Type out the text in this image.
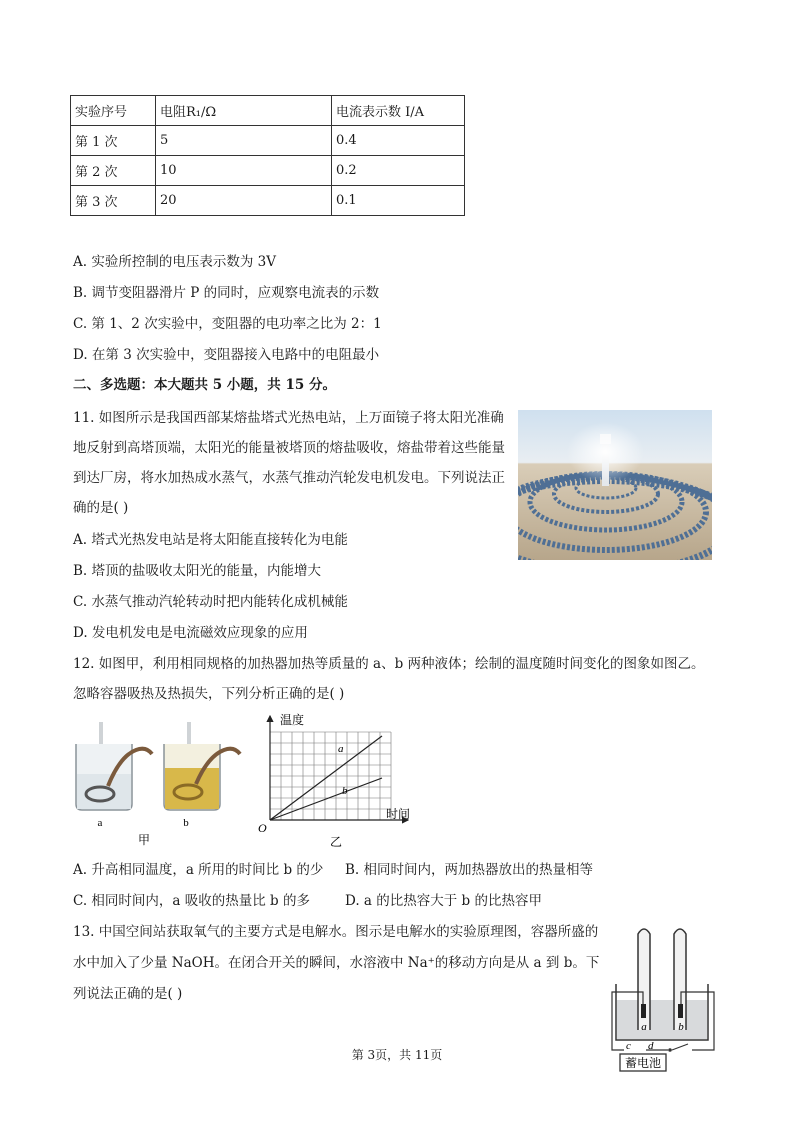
实验序号	电阻R₁/Ω	电流表示数 I/A
第 1 次	5	0.4
第 2 次	10	0.2
第 3 次	20	0.1
A. 实验所控制的电压表示数为 3V
B. 调节变阻器滑片 P 的同时，应观察电流表的示数
C. 第 1、2 次实验中，变阻器的电功率之比为 2：1
D. 在第 3 次实验中，变阻器接入电路中的电阻最小
二、多选题：本大题共 5 小题，共 15 分。
11. 如图所示是我国西部某熔盐塔式光热电站，上万面镜子将太阳光准确
地反射到高塔顶端，太阳光的能量被塔顶的熔盐吸收，熔盐带着这些能量
到达厂房，将水加热成水蒸气，水蒸气推动汽轮发电机发电。下列说法正
确的是( )
A. 塔式光热发电站是将太阳能直接转化为电能
B. 塔顶的盐吸收太阳光的能量，内能增大
C. 水蒸气推动汽轮转动时把内能转化成机械能
D. 发电机发电是电流磁效应现象的应用
12. 如图甲，利用相同规格的加热器加热等质量的 a、b 两种液体；绘制的温度随时间变化的图象如图乙。
忽略容器吸热及热损失，下列分析正确的是( )
a	b
甲
a
b
温度
时间
O
乙
A. 升高相同温度，a 所用的时间比 b 的少 B. 相同时间内，两加热器放出的热量相等
C. 相同时间内，a 吸收的热量比 b 的多	D. a 的比热容大于 b 的比热容甲
13. 中国空间站获取氧气的主要方式是电解水。图示是电解水的实验原理图，容器所盛的
水中加入了少量 NaOH。在闭合开关的瞬间，水溶液中 Na⁺的移动方向是从 a 到 b。下
列说法正确的是( )
a	b
c d
蓄电池
第 3页，共 11页
